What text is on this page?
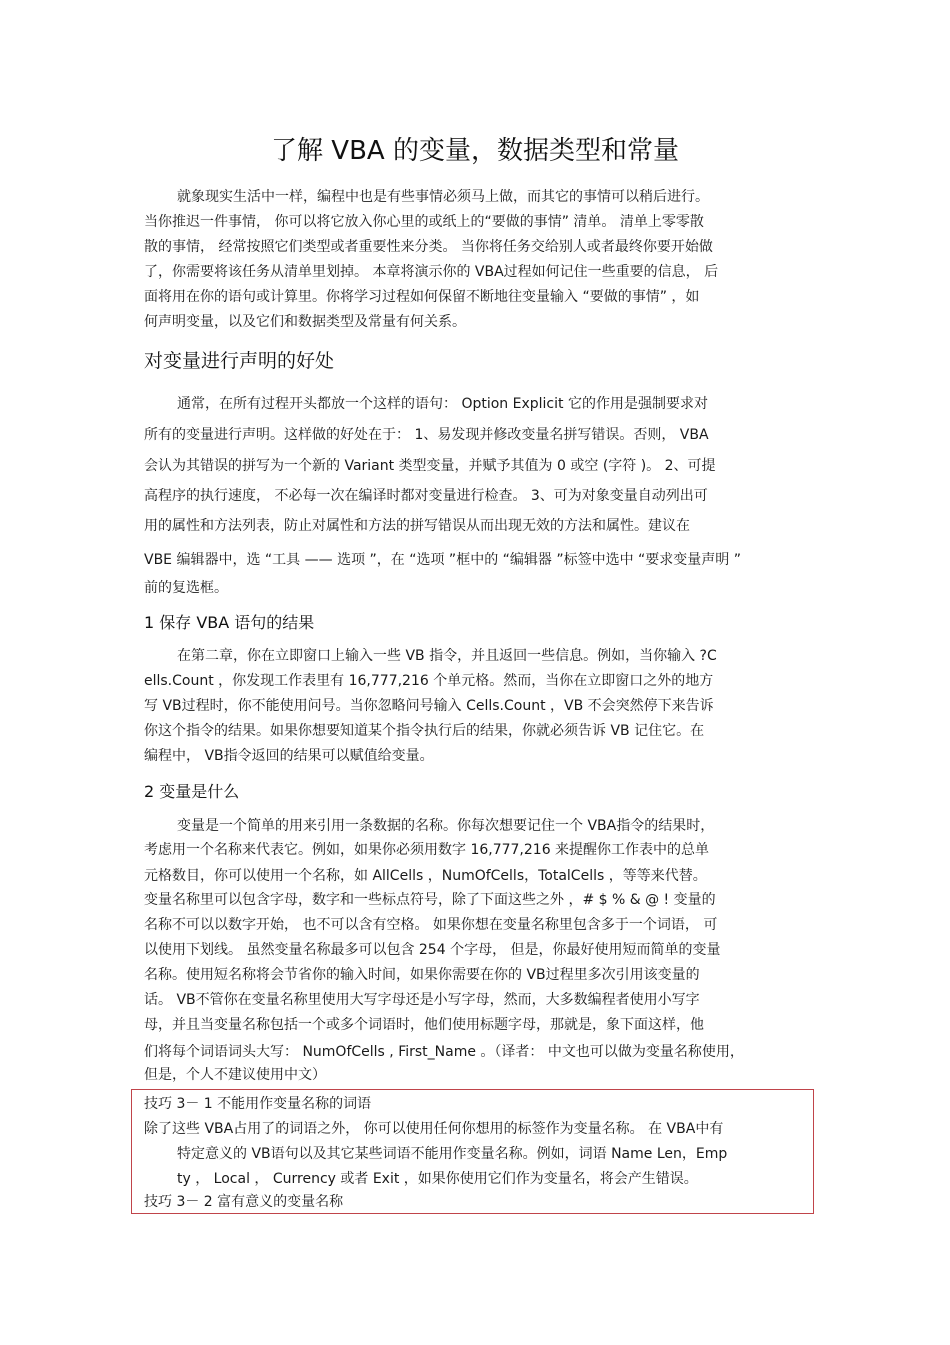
了解 VBA 的变量，数据类型和常量
就象现实生活中一样，编程中也是有些事情必须马上做，而其它的事情可以稍后进行。
当你推迟一件事情， 你可以将它放入你心里的或纸上的“要做的事情” 清单。 清单上零零散
散的事情， 经常按照它们类型或者重要性来分类。 当你将任务交给别人或者最终你要开始做
了，你需要将该任务从清单里划掉。 本章将演示你的 VBA过程如何记住一些重要的信息， 后
面将用在你的语句或计算里。你将学习过程如何保留不断地往变量输入 “要做的事情” ，如
何声明变量，以及它们和数据类型及常量有何关系。
对变量进行声明的好处
通常，在所有过程开头都放一个这样的语句： Option Explicit 它的作用是强制要求对
所有的变量进行声明。这样做的好处在于： 1、易发现并修改变量名拼写错误。否则， VBA
会认为其错误的拼写为一个新的 Variant 类型变量，并赋予其值为 0 或空 (字符 )。 2、可提
高程序的执行速度， 不必每一次在编译时都对变量进行检查。 3、可为对象变量自动列出可
用的属性和方法列表，防止对属性和方法的拼写错误从而出现无效的方法和属性。建议在
VBE 编辑器中，选 “工具 —— 选项 ”，在 “选项 ”框中的 “编辑器 ”标签中选中 “要求变量声明 ”
前的复选框。
1 保存 VBA 语句的结果
在第二章，你在立即窗口上输入一些 VB 指令，并且返回一些信息。例如，当你输入 ?C
ells.Count ，你发现工作表里有 16,777,216 个单元格。然而，当你在立即窗口之外的地方
写 VB过程时，你不能使用问号。当你忽略问号输入 Cells.Count ，VB 不会突然停下来告诉
你这个指令的结果。如果你想要知道某个指令执行后的结果，你就必须告诉 VB 记住它。在
编程中， VB指令返回的结果可以赋值给变量。
2 变量是什么
变量是一个简单的用来引用一条数据的名称。你每次想要记住一个 VBA指令的结果时，
考虑用一个名称来代表它。例如，如果你必须用数字 16,777,216 来提醒你工作表中的总单
元格数目，你可以使用一个名称，如 AllCells ，NumOfCells，TotalCells ，等等来代替。
变量名称里可以包含字母，数字和一些标点符号，除了下面这些之外 ，# $ % & @ ! 变量的
名称不可以以数字开始， 也不可以含有空格。 如果你想在变量名称里包含多于一个词语， 可
以使用下划线。 虽然变量名称最多可以包含 254 个字母， 但是，你最好使用短而简单的变量
名称。使用短名称将会节省你的输入时间，如果你需要在你的 VB过程里多次引用该变量的
话。 VB不管你在变量名称里使用大写字母还是小写字母，然而，大多数编程者使用小写字
母，并且当变量名称包括一个或多个词语时，他们使用标题字母，那就是，象下面这样，他
们将每个词语词头大写： NumOfCells , First_Name 。（译者： 中文也可以做为变量名称使用，
但是，个人不建议使用中文）
技巧 3－ 1 不能用作变量名称的词语
除了这些 VBA占用了的词语之外， 你可以使用任何你想用的标签作为变量名称。 在 VBA中有
特定意义的 VB语句以及其它某些词语不能用作变量名称。例如，词语 Name Len，Emp
ty ， Local ， Currency 或者 Exit ，如果你使用它们作为变量名，将会产生错误。
技巧 3－ 2 富有意义的变量名称
